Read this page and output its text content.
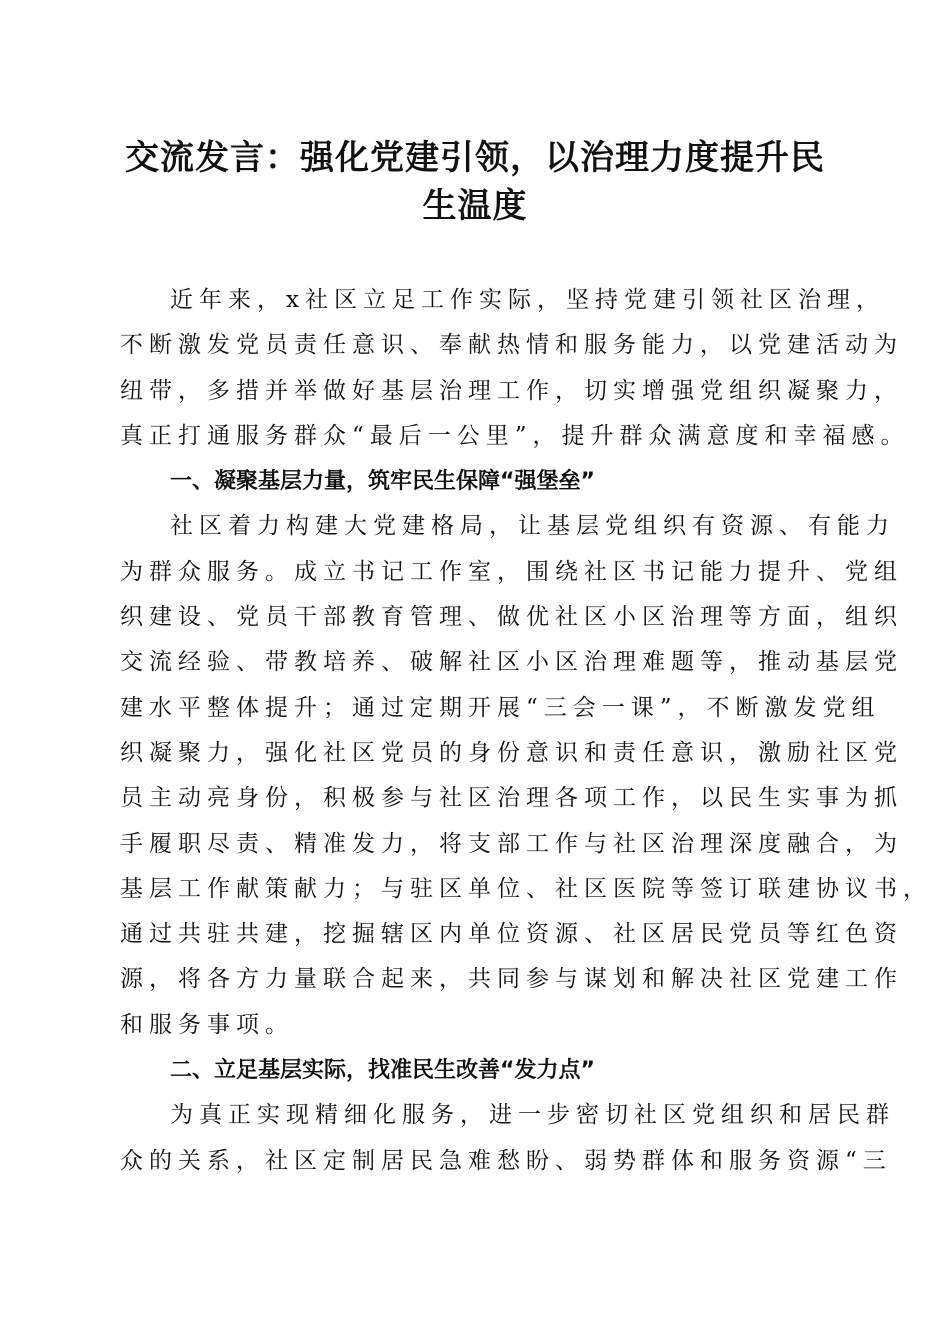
交流发言：强化党建引领，以治理力度提升民
生温度
近年来，x社区立足工作实际，坚持党建引领社区治理，
不断激发党员责任意识、奉献热情和服务能力，以党建活动为
纽带，多措并举做好基层治理工作，切实增强党组织凝聚力，
真正打通服务群众“最后一公里”，提升群众满意度和幸福感。
一、凝聚基层力量，筑牢民生保障“强堡垒”
社区着力构建大党建格局，让基层党组织有资源、有能力
为群众服务。成立书记工作室，围绕社区书记能力提升、党组
织建设、党员干部教育管理、做优社区小区治理等方面，组织
交流经验、带教培养、破解社区小区治理难题等，推动基层党
建水平整体提升；通过定期开展“三会一课”，不断激发党组
织凝聚力，强化社区党员的身份意识和责任意识，激励社区党
员主动亮身份，积极参与社区治理各项工作，以民生实事为抓
手履职尽责、精准发力，将支部工作与社区治理深度融合，为
基层工作献策献力；与驻区单位、社区医院等签订联建协议书，
通过共驻共建，挖掘辖区内单位资源、社区居民党员等红色资
源，将各方力量联合起来，共同参与谋划和解决社区党建工作
和服务事项。
二、立足基层实际，找准民生改善“发力点”
为真正实现精细化服务，进一步密切社区党组织和居民群
众的关系，社区定制居民急难愁盼、弱势群体和服务资源“三
